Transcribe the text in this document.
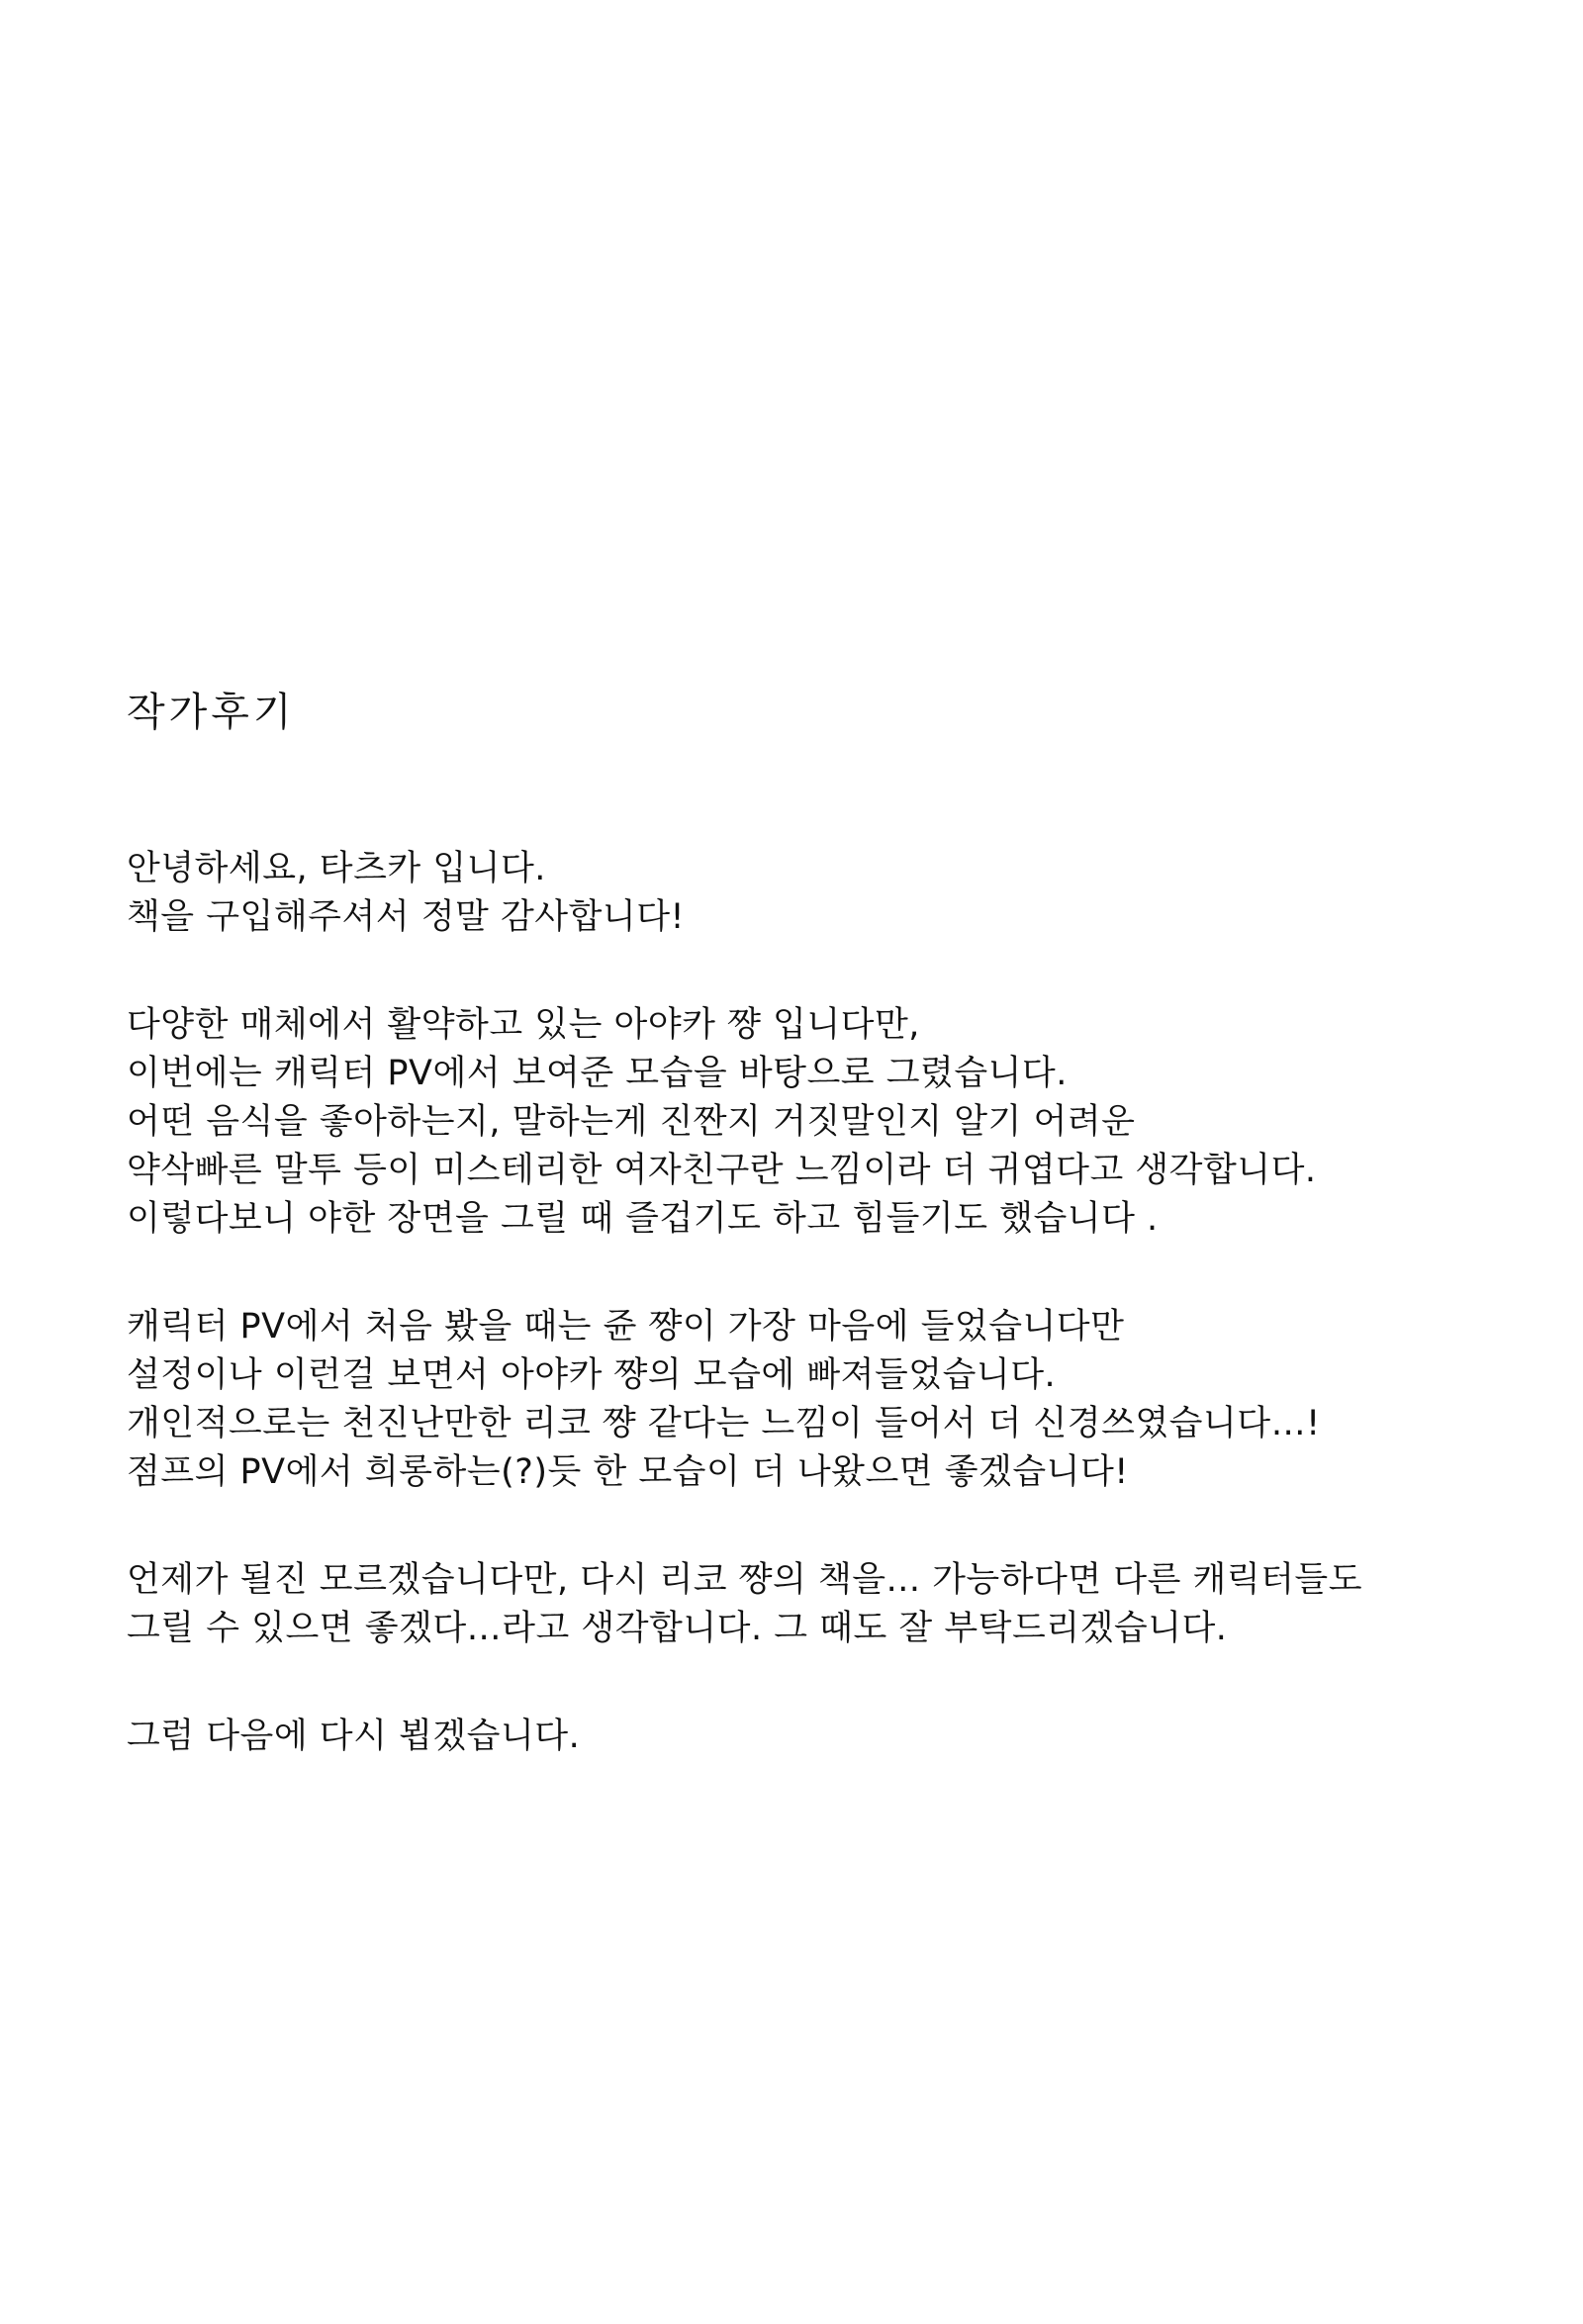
작가후기
안녕하세요, 타츠카 입니다.
책을 구입해주셔서 정말 감사합니다!
다양한 매체에서 활약하고 있는 아야카 쨩 입니다만,
이번에는 캐릭터 PV에서 보여준 모습을 바탕으로 그렸습니다.
어떤 음식을 좋아하는지, 말하는게 진짠지 거짓말인지 알기 어려운
약삭빠른 말투 등이 미스테리한 여자친구란 느낌이라 더 귀엽다고 생각합니다.
이렇다보니 야한 장면을 그릴 때 즐겁기도 하고 힘들기도 했습니다 .
캐릭터 PV에서 처음 봤을 때는 쥰 쨩이 가장 마음에 들었습니다만
설정이나 이런걸 보면서 아야카 쨩의 모습에 빠져들었습니다.
개인적으로는 천진난만한 리코 쨩 같다는 느낌이 들어서 더 신경쓰였습니다…!
점프의 PV에서 희롱하는(?)듯 한 모습이 더 나왔으면 좋겠습니다!
언제가 될진 모르겠습니다만, 다시 리코 쨩의 책을... 가능하다면 다른 캐릭터들도
그릴 수 있으면 좋겠다…라고 생각합니다. 그 때도 잘 부탁드리겠습니다.
그럼 다음에 다시 뵙겠습니다.
